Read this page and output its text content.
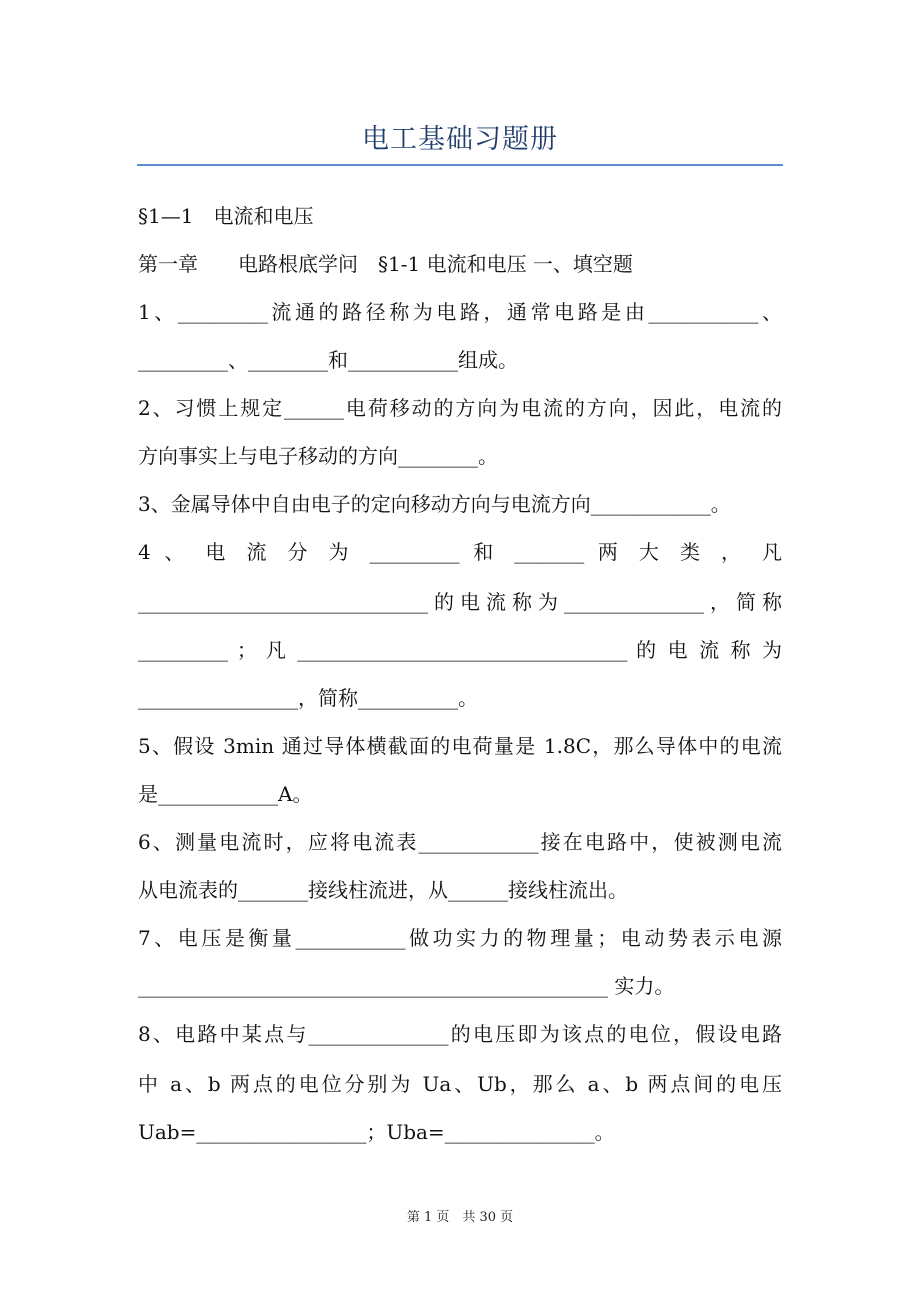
电工基础习题册
§1—1　电流和电压
第一章　　电路根底学问　§1-1 电流和电压 一、填空题
1、_________流通的路径称为电路，通常电路是由___________、
_________、________和___________组成。
2、习惯上规定______电荷移动的方向为电流的方向，因此，电流的
方向事实上与电子移动的方向________。
3、金属导体中自由电子的定向移动方向与电流方向____________。
4 、 电 流 分 为 _________ 和 _______ 两 大 类 ， 凡
_____________________________的电流称为______________，简称
_________ ； 凡 _________________________________ 的 电 流 称 为
________________，简称__________。
5、假设 3min 通过导体横截面的电荷量是 1.8C，那么导体中的电流
是____________A。
6、测量电流时，应将电流表____________接在电路中，使被测电流
从电流表的_______接线柱流进，从______接线柱流出。
7、电压是衡量___________做功实力的物理量；电动势表示电源
_______________________________________________ 实力。
8、电路中某点与______________的电压即为该点的电位，假设电路
中 a、b 两点的电位分别为 Ua、Ub，那么 a、b 两点间的电压
Uab=_________________；Uba=_______________。
第 1 页　共 30 页
